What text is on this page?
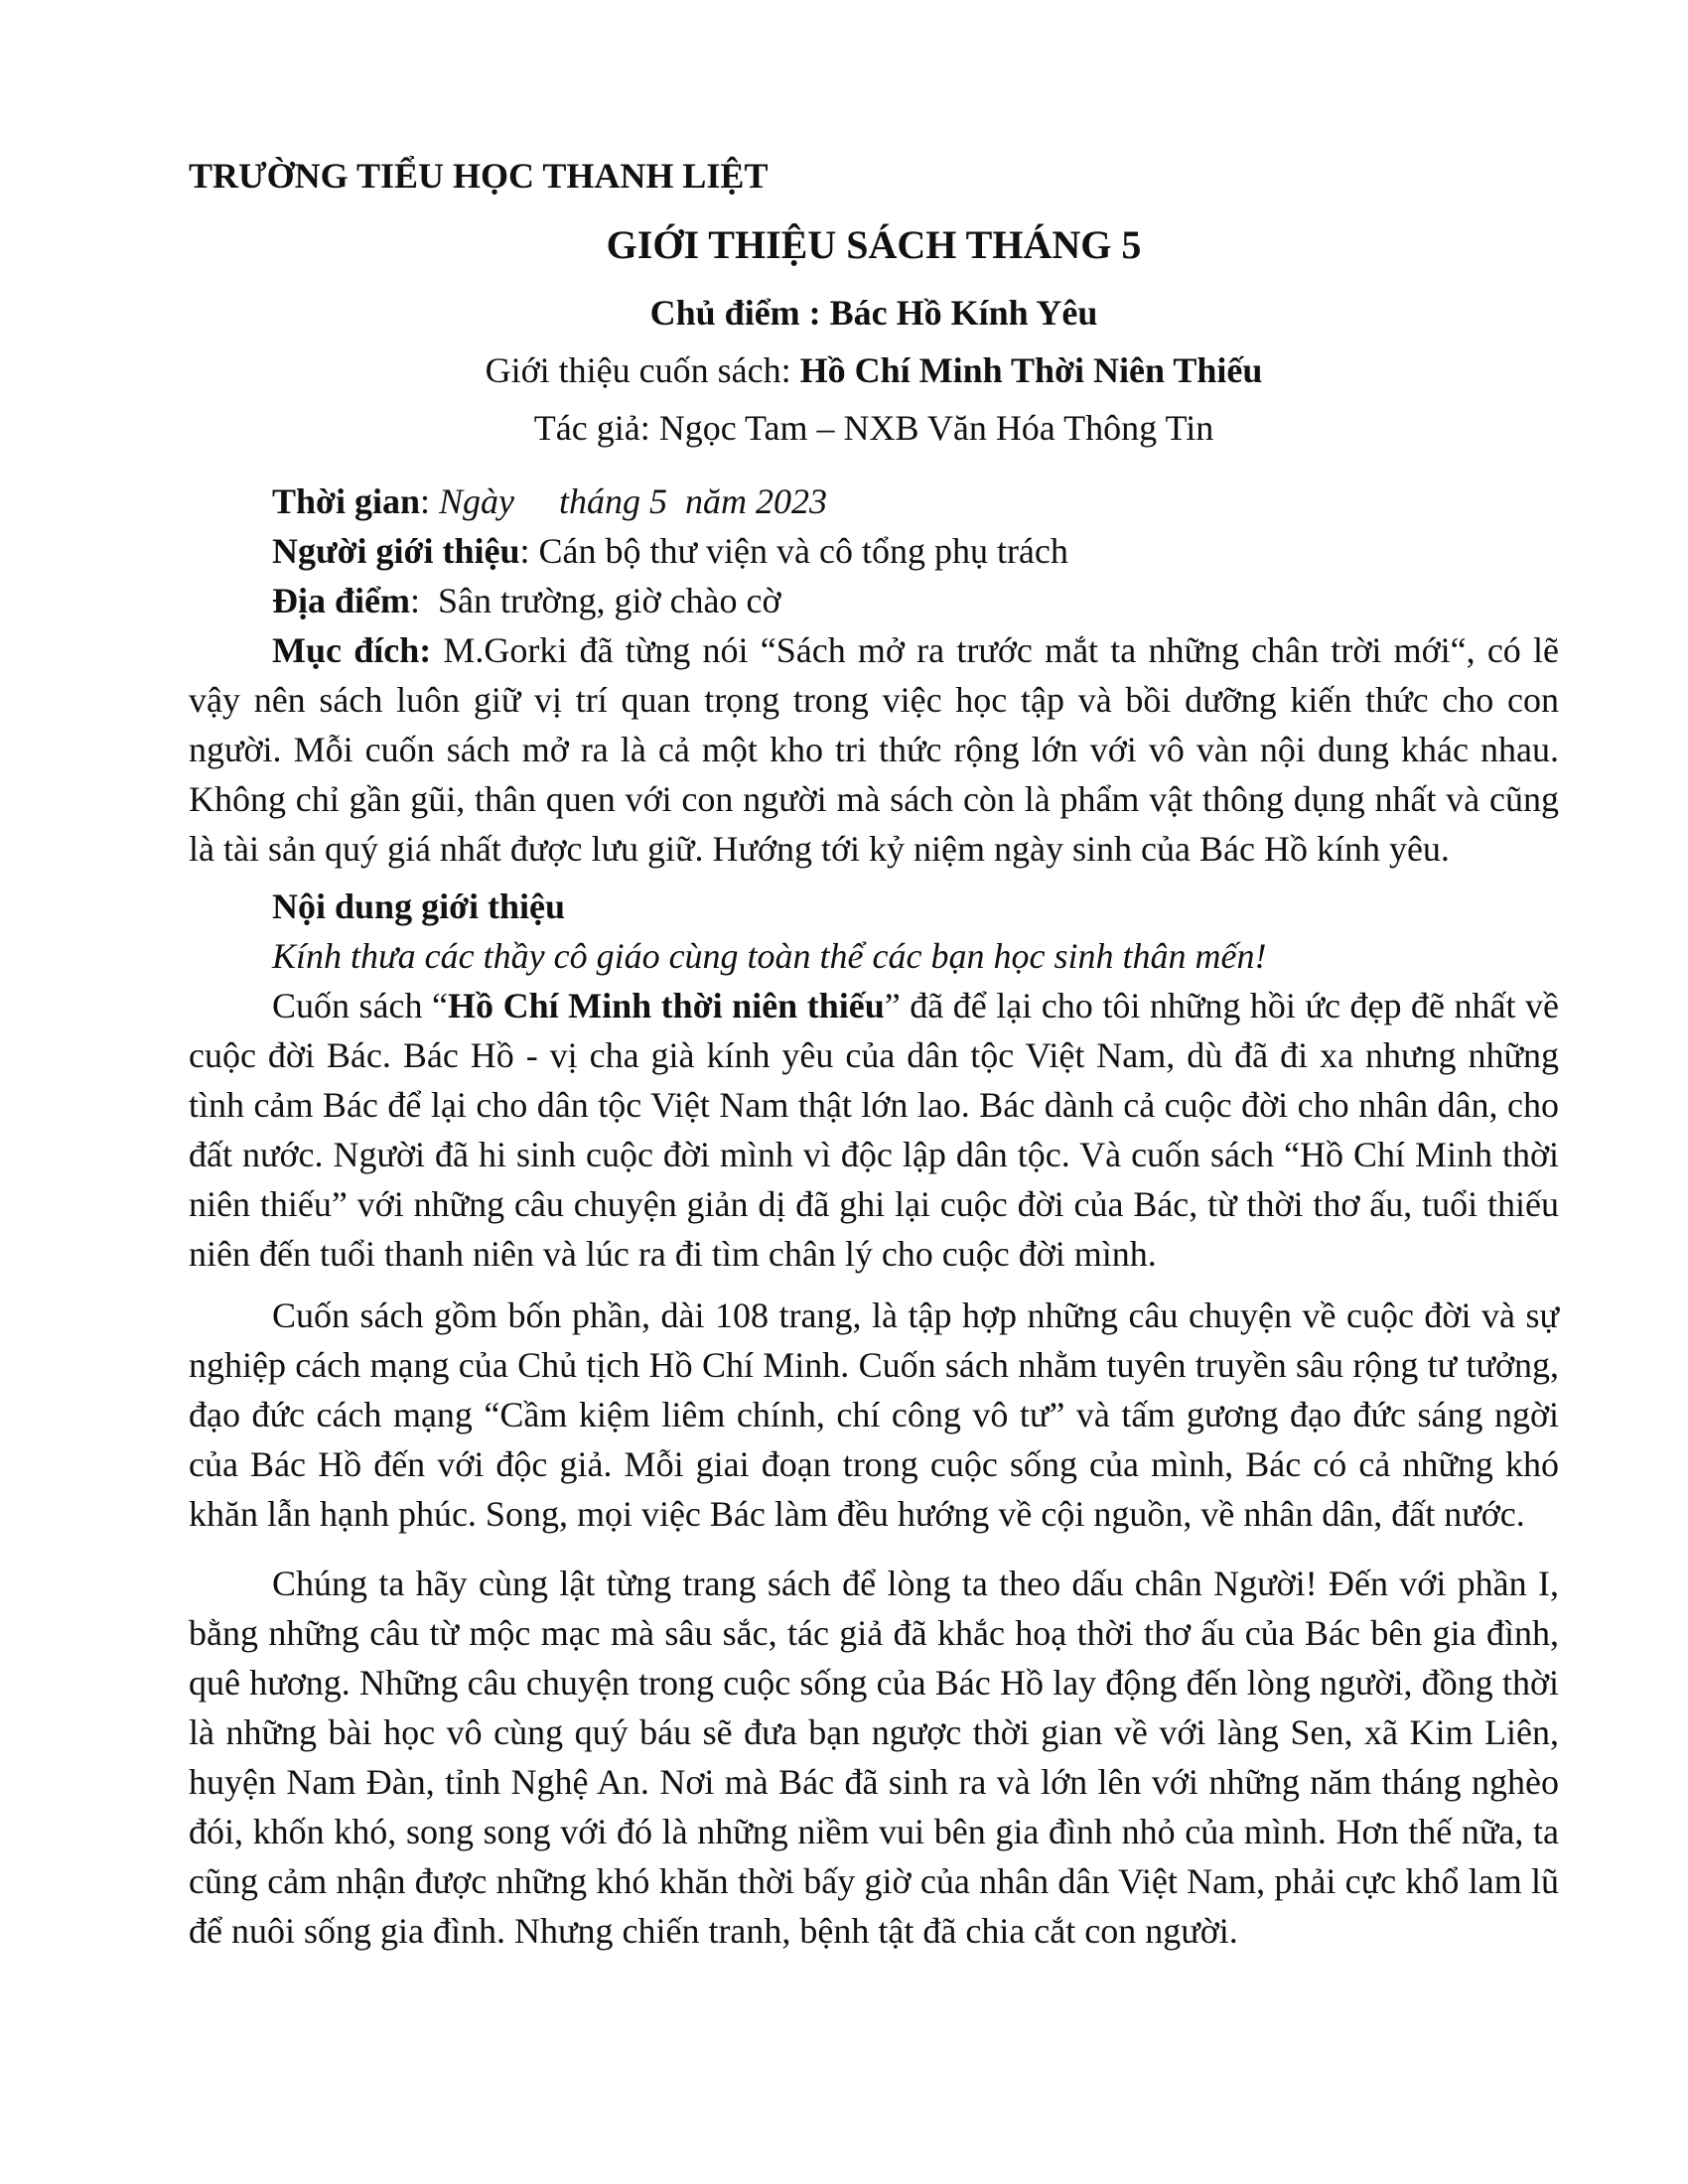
TRƯỜNG TIỂU HỌC THANH LIỆT
GIỚI THIỆU SÁCH THÁNG 5
Chủ điểm : Bác Hồ Kính Yêu
Giới thiệu cuốn sách: Hồ Chí Minh Thời Niên Thiếu
Tác giả: Ngọc Tam – NXB Văn Hóa Thông Tin
Thời gian: Ngày     tháng 5  năm 2023
Người giới thiệu: Cán bộ thư viện và cô tổng phụ trách
Địa điểm:  Sân trường, giờ chào cờ

Mục đích: M.Gorki đã từng nói “Sách mở ra trước mắt ta những chân trời mới“, có lẽ vậy nên sách luôn giữ vị trí quan trọng trong việc học tập và bồi dưỡng kiến thức cho con người. Mỗi cuốn sách mở ra là cả một kho tri thức rộng lớn với vô vàn nội dung khác nhau. Không chỉ gần gũi, thân quen với con người mà sách còn là phẩm vật thông dụng nhất và cũng là tài sản quý giá nhất được lưu giữ. Hướng tới kỷ niệm ngày sinh của Bác Hồ kính yêu.

Nội dung giới thiệu
Kính thưa các thầy cô giáo cùng toàn thể các bạn học sinh thân mến!

Cuốn sách “Hồ Chí Minh thời niên thiếu” đã để lại cho tôi những hồi ức đẹp đẽ nhất về cuộc đời Bác. Bác Hồ - vị cha già kính yêu của dân tộc Việt Nam, dù đã đi xa nhưng những tình cảm Bác để lại cho dân tộc Việt Nam thật lớn lao. Bác dành cả cuộc đời cho nhân dân, cho đất nước. Người đã hi sinh cuộc đời mình vì độc lập dân tộc. Và cuốn sách “Hồ Chí Minh thời niên thiếu” với những câu chuyện giản dị đã ghi lại cuộc đời của Bác, từ thời thơ ấu, tuổi thiếu niên đến tuổi thanh niên và lúc ra đi tìm chân lý cho cuộc đời mình.

Cuốn sách gồm bốn phần, dài 108 trang, là tập hợp những câu chuyện về cuộc đời và sự nghiệp cách mạng của Chủ tịch Hồ Chí Minh. Cuốn sách nhằm tuyên truyền sâu rộng tư tưởng, đạo đức cách mạng “Cầm kiệm liêm chính, chí công vô tư” và tấm gương đạo đức sáng ngời của Bác Hồ đến với độc giả. Mỗi giai đoạn trong cuộc sống của mình, Bác có cả những khó khăn lẫn hạnh phúc. Song, mọi việc Bác làm đều hướng về cội nguồn, về nhân dân, đất nước.

Chúng ta hãy cùng lật từng trang sách để lòng ta theo dấu chân Người! Đến với phần I, bằng những câu từ mộc mạc mà sâu sắc, tác giả đã khắc hoạ thời thơ ấu của Bác bên gia đình, quê hương. Những câu chuyện trong cuộc sống của Bác Hồ lay động đến lòng người, đồng thời là những bài học vô cùng quý báu sẽ đưa bạn ngược thời gian về với làng Sen, xã Kim Liên, huyện Nam Đàn, tỉnh Nghệ An. Nơi mà Bác đã sinh ra và lớn lên với những năm tháng nghèo đói, khốn khó, song song với đó là những niềm vui bên gia đình nhỏ của mình. Hơn thế nữa, ta cũng cảm nhận được những khó khăn thời bấy giờ của nhân dân Việt Nam, phải cực khổ lam lũ để nuôi sống gia đình. Nhưng chiến tranh, bệnh tật đã chia cắt con người.
